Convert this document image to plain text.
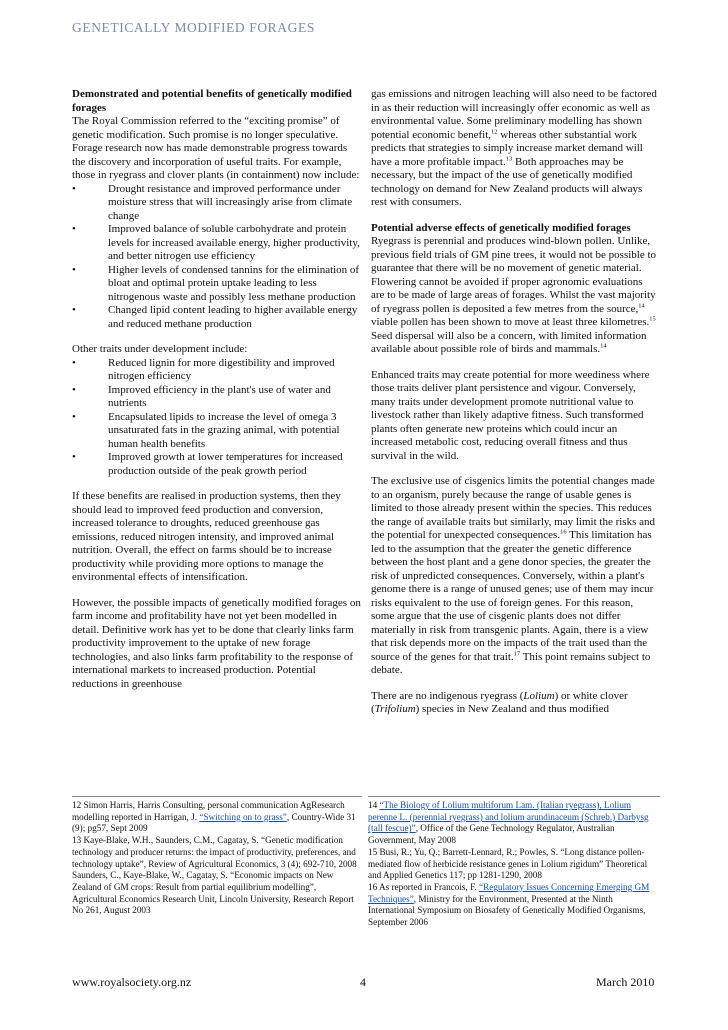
GENETICALLY MODIFIED FORAGES

Demonstrated and potential benefits of genetically modified forages

The Royal Commission referred to the “exciting promise” of genetic modification. Such promise is no longer speculative. Forage research now has made demonstrable progress towards the discovery and incorporation of useful traits. For example, those in ryegrass and clover plants (in containment) now include:

•	Drought resistance and improved performance under moisture stress that will increasingly arise from climate change
•	Improved balance of soluble carbohydrate and protein levels for increased available energy, higher productivity, and better nitrogen use efficiency
•	Higher levels of condensed tannins for the elimination of bloat and optimal protein uptake leading to less nitrogenous waste and possibly less methane production
•	Changed lipid content leading to higher available energy and reduced methane production

Other traits under development include:

•	Reduced lignin for more digestibility and improved nitrogen efficiency
•	Improved efficiency in the plant's use of water and nutrients
•	Encapsulated lipids to increase the level of omega 3 unsaturated fats in the grazing animal, with potential human health benefits
•	Improved growth at lower temperatures for increased production outside of the peak growth period

If these benefits are realised in production systems, then they should lead to improved feed production and conversion, increased tolerance to droughts, reduced greenhouse gas emissions, reduced nitrogen intensity, and improved animal nutrition. Overall, the effect on farms should be to increase productivity while providing more options to manage the environmental effects of intensification.

However, the possible impacts of genetically modified forages on farm income and profitability have not yet been modelled in detail. Definitive work has yet to be done that clearly links farm productivity improvement to the uptake of new forage technologies, and also links farm profitability to the response of international markets to increased production. Potential reductions in greenhouse

gas emissions and nitrogen leaching will also need to be factored in as their reduction will increasingly offer economic as well as environmental value. Some preliminary modelling has shown potential economic benefit,$^{12}$ whereas other substantial work predicts that strategies to simply increase market demand will have a more profitable impact.$^{13}$ Both approaches may be necessary, but the impact of the use of genetically modified technology on demand for New Zealand products will always rest with consumers.

Potential adverse effects of genetically modified forages

Ryegrass is perennial and produces wind-blown pollen. Unlike, previous field trials of GM pine trees, it would not be possible to guarantee that there will be no movement of genetic material. Flowering cannot be avoided if proper agronomic evaluations are to be made of large areas of forages. Whilst the vast majority of ryegrass pollen is deposited a few metres from the source,$^{14}$ viable pollen has been shown to move at least three kilometres.$^{15}$ Seed dispersal will also be a concern, with limited information available about possible role of birds and mammals.$^{14}$

Enhanced traits may create potential for more weediness where those traits deliver plant persistence and vigour. Conversely, many traits under development promote nutritional value to livestock rather than likely adaptive fitness. Such transformed plants often generate new proteins which could incur an increased metabolic cost, reducing overall fitness and thus survival in the wild.

The exclusive use of cisgenics limits the potential changes made to an organism, purely because the range of usable genes is limited to those already present within the species. This reduces the range of available traits but similarly, may limit the risks and the potential for unexpected consequences.$^{16}$ This limitation has led to the assumption that the greater the genetic difference between the host plant and a gene donor species, the greater the risk of unpredicted consequences. Conversely, within a plant's genome there is a range of unused genes; use of them may incur risks equivalent to the use of foreign genes. For this reason, some argue that the use of cisgenic plants does not differ materially in risk from transgenic plants. Again, there is a view that risk depends more on the impacts of the trait used than the source of the genes for that trait.$^{17}$ This point remains subject to debate.

There are no indigenous ryegrass (Lolium) or white clover (Trifolium) species in New Zealand and thus modified

12 Simon Harris, Harris Consulting, personal communication AgResearch modelling reported in Harrigan, J. “Switching on to grass”, Country-Wide 31 (9); pg57, Sept 2009

13 Kaye-Blake, W.H., Saunders, C.M., Cagatay, S. “Genetic modification technology and producer returns: the impact of productivity, preferences, and technology uptake”, Review of Agricultural Economics, 3 (4); 692-710, 2008

Saunders, C., Kaye-Blake, W., Cagatay, S. “Economic impacts on New Zealand of GM crops: Result from partial equilibrium modelling”, Agricultural Economics Research Unit, Lincoln University, Research Report No 261, August 2003

14 “The Biology of Lolium multiforum Lam. (Italian ryegrass), Lolium perenne L. (perennial ryegrass) and lolium arundinaceum (Schreb.) Darbysg (tall fescue)”, Office of the Gene Technology Regulator, Australian Government, May 2008

15 Busi, R.; Yu, Q.; Barrett-Lennard, R.; Powles, S. “Long distance pollen-mediated flow of herbicide resistance genes in Lolium rigidum” Theoretical and Applied Genetics 117; pp 1281-1290, 2008

16 As reported in Francois, F. “Regulatory Issues Concerning Emerging GM Techniques”, Ministry for the Environment, Presented at the Ninth International Symposium on Biosafety of Genetically Modified Organisms, September 2006

www.royalsociety.org.nz	4	March 2010
